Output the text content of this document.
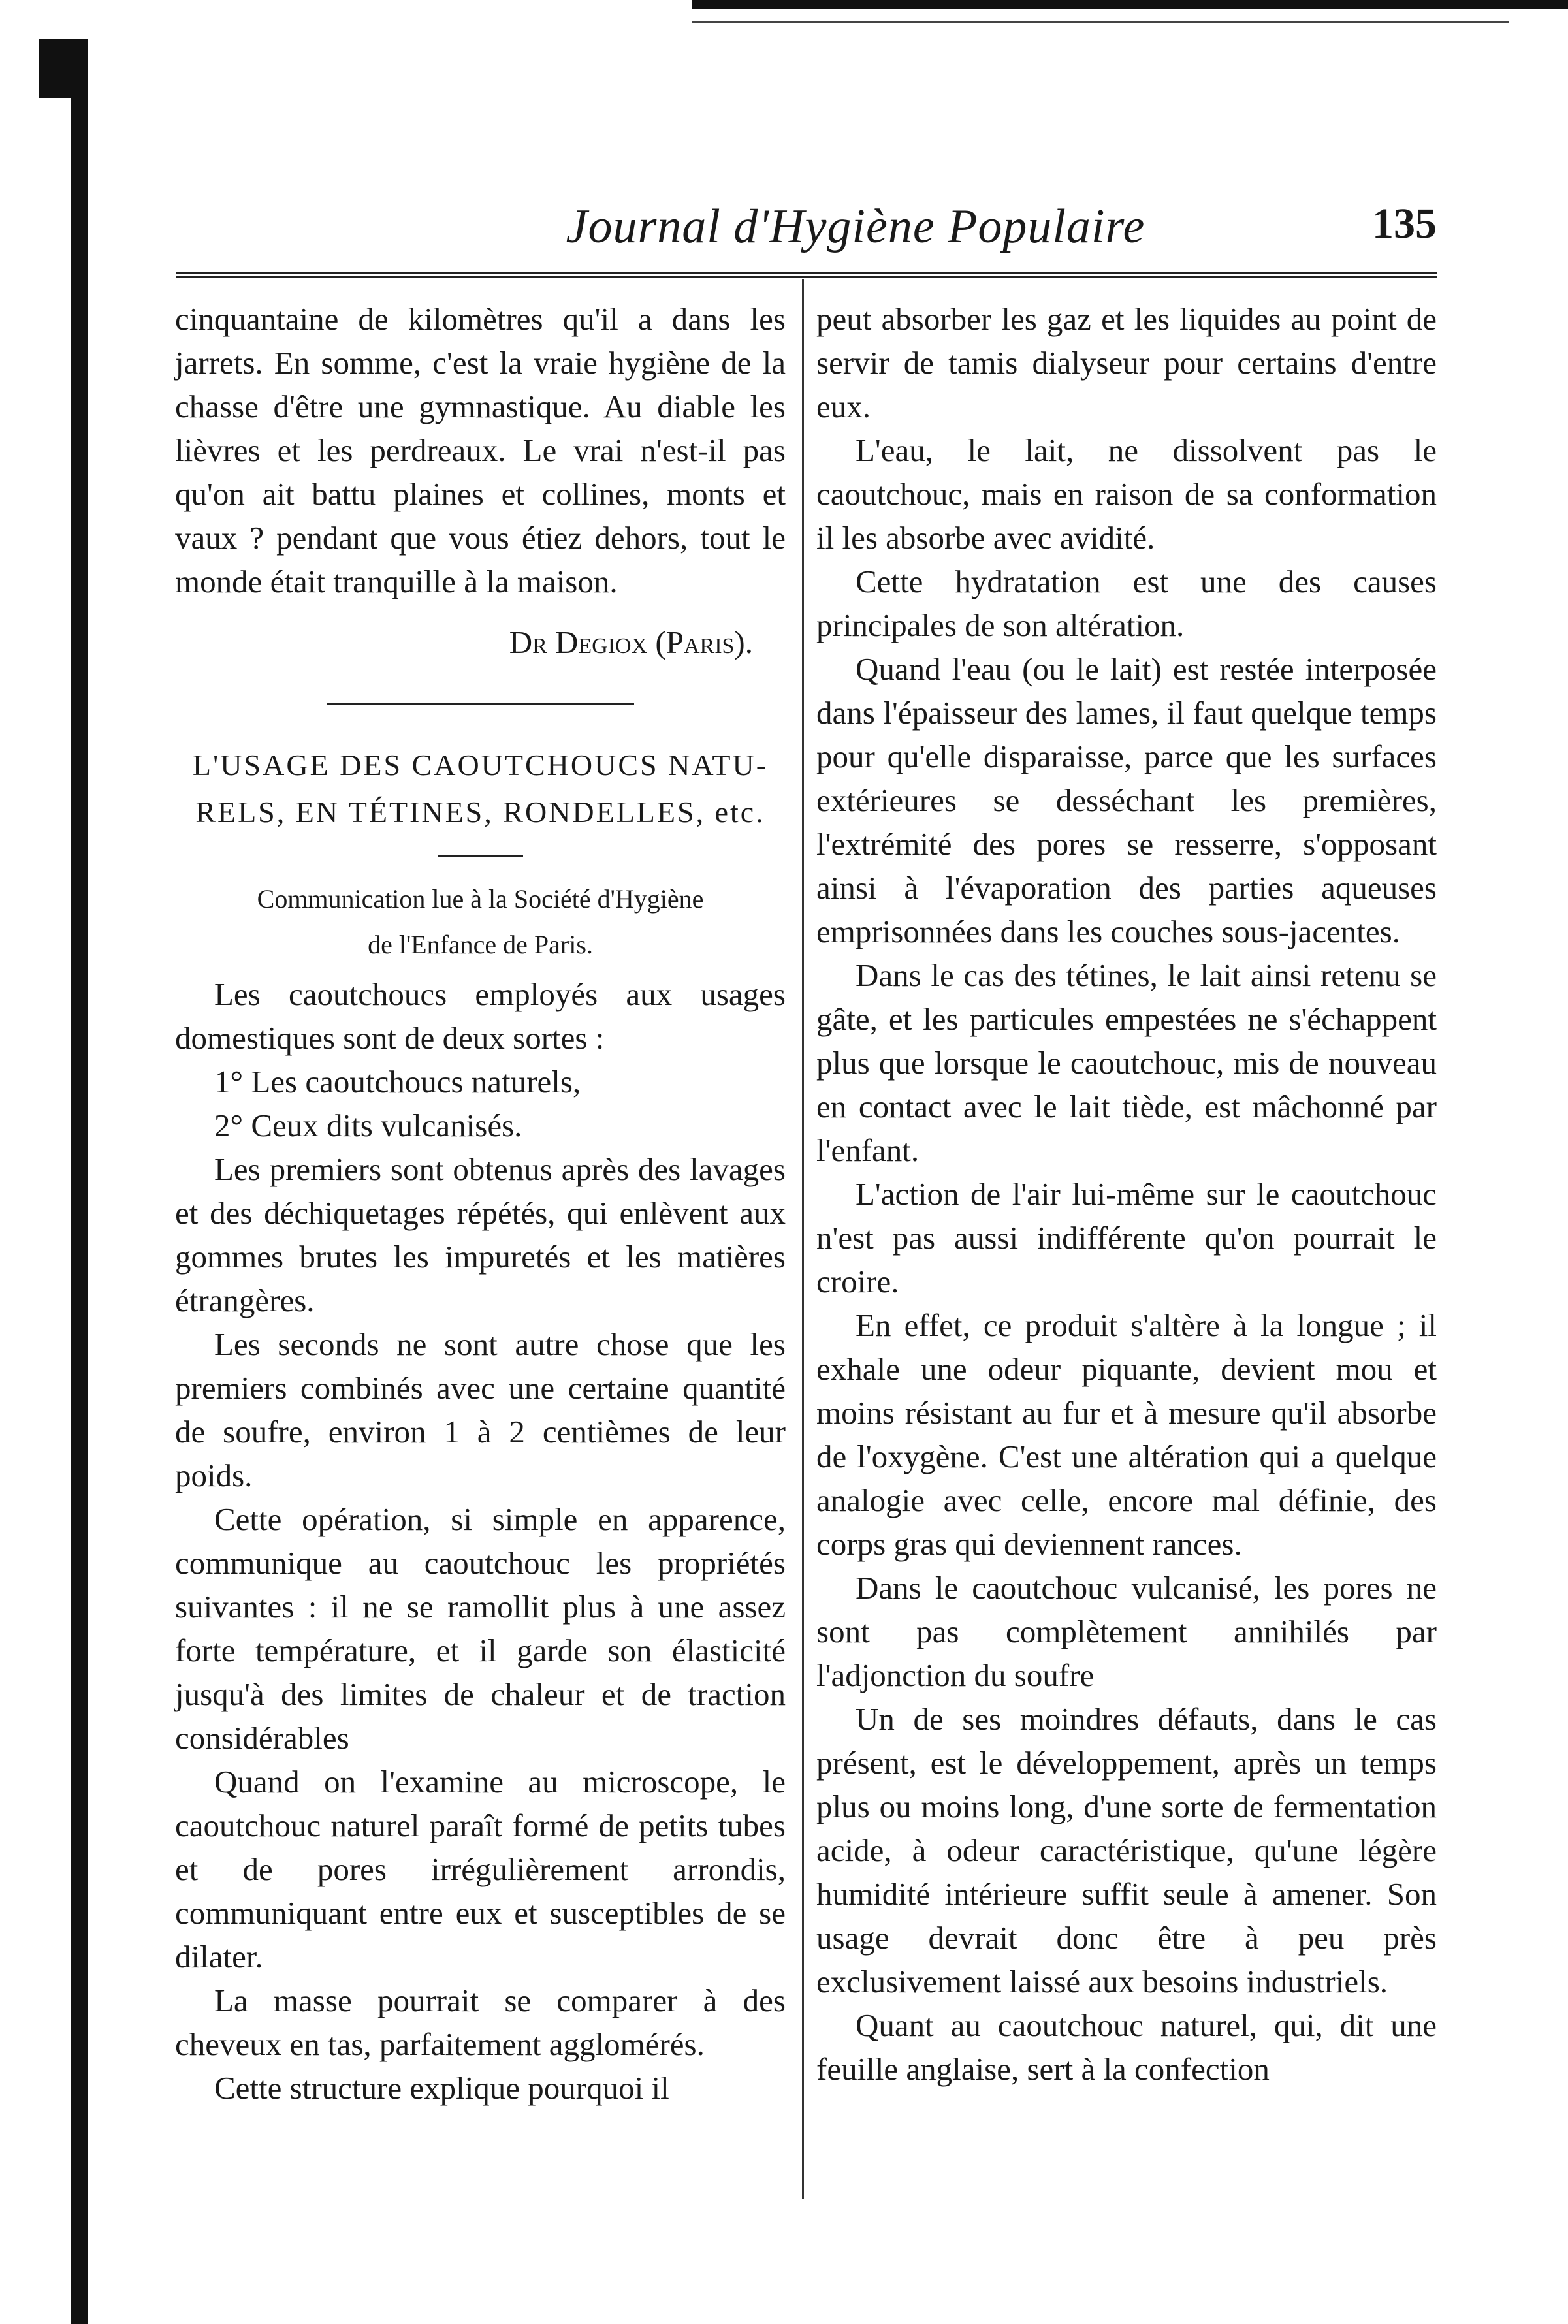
Journal d'Hygiène Populaire	135

cinquantaine de kilomètres qu'il a dans les jarrets. En somme, c'est la vraie hygiène de la chasse d'être une gymnastique. Au diable les lièvres et les perdreaux. Le vrai n'est-il pas qu'on ait battu plaines et collines, monts et vaux ? pendant que vous étiez dehors, tout le monde était tranquille à la maison.

Dr Degiox (Paris).

L'USAGE DES CAOUTCHOUCS NATU-

RELS, EN TÉTINES, RONDELLES, etc.

Communication lue à la Société d'Hygiène

de l'Enfance de Paris.

Les caoutchoucs employés aux usages domestiques sont de deux sortes :

1° Les caoutchoucs naturels,

2° Ceux dits vulcanisés.

Les premiers sont obtenus après des lavages et des déchiquetages répétés, qui enlèvent aux gommes brutes les impuretés et les matières étrangères.

Les seconds ne sont autre chose que les premiers combinés avec une certaine quantité de soufre, environ 1 à 2 centièmes de leur poids.

Cette opération, si simple en apparence, communique au caoutchouc les propriétés suivantes : il ne se ramollit plus à une assez forte température, et il garde son élasticité jusqu'à des limites de chaleur et de traction considérables

Quand on l'examine au microscope, le caoutchouc naturel paraît formé de petits tubes et de pores irrégulièrement arrondis, communiquant entre eux et susceptibles de se dilater.

La masse pourrait se comparer à des cheveux en tas, parfaitement agglomérés.

Cette structure explique pourquoi il

peut absorber les gaz et les liquides au point de servir de tamis dialyseur pour certains d'entre eux.

L'eau, le lait, ne dissolvent pas le caoutchouc, mais en raison de sa conformation il les absorbe avec avidité.

Cette hydratation est une des causes principales de son altération.

Quand l'eau (ou le lait) est restée interposée dans l'épaisseur des lames, il faut quelque temps pour qu'elle disparaisse, parce que les surfaces extérieures se desséchant les premières, l'extrémité des pores se resserre, s'opposant ainsi à l'évaporation des parties aqueuses emprisonnées dans les couches sous-jacentes.

Dans le cas des tétines, le lait ainsi retenu se gâte, et les particules empestées ne s'échappent plus que lorsque le caoutchouc, mis de nouveau en contact avec le lait tiède, est mâchonné par l'enfant.

L'action de l'air lui-même sur le caoutchouc n'est pas aussi indifférente qu'on pourrait le croire.

En effet, ce produit s'altère à la longue ; il exhale une odeur piquante, devient mou et moins résistant au fur et à mesure qu'il absorbe de l'oxygène. C'est une altération qui a quelque analogie avec celle, encore mal définie, des corps gras qui deviennent rances.

Dans le caoutchouc vulcanisé, les pores ne sont pas complètement annihilés par l'adjonction du soufre

Un de ses moindres défauts, dans le cas présent, est le développement, après un temps plus ou moins long, d'une sorte de fermentation acide, à odeur caractéristique, qu'une légère humidité intérieure suffit seule à amener. Son usage devrait donc être à peu près exclusivement laissé aux besoins industriels.

Quant au caoutchouc naturel, qui, dit une feuille anglaise, sert à la confection
